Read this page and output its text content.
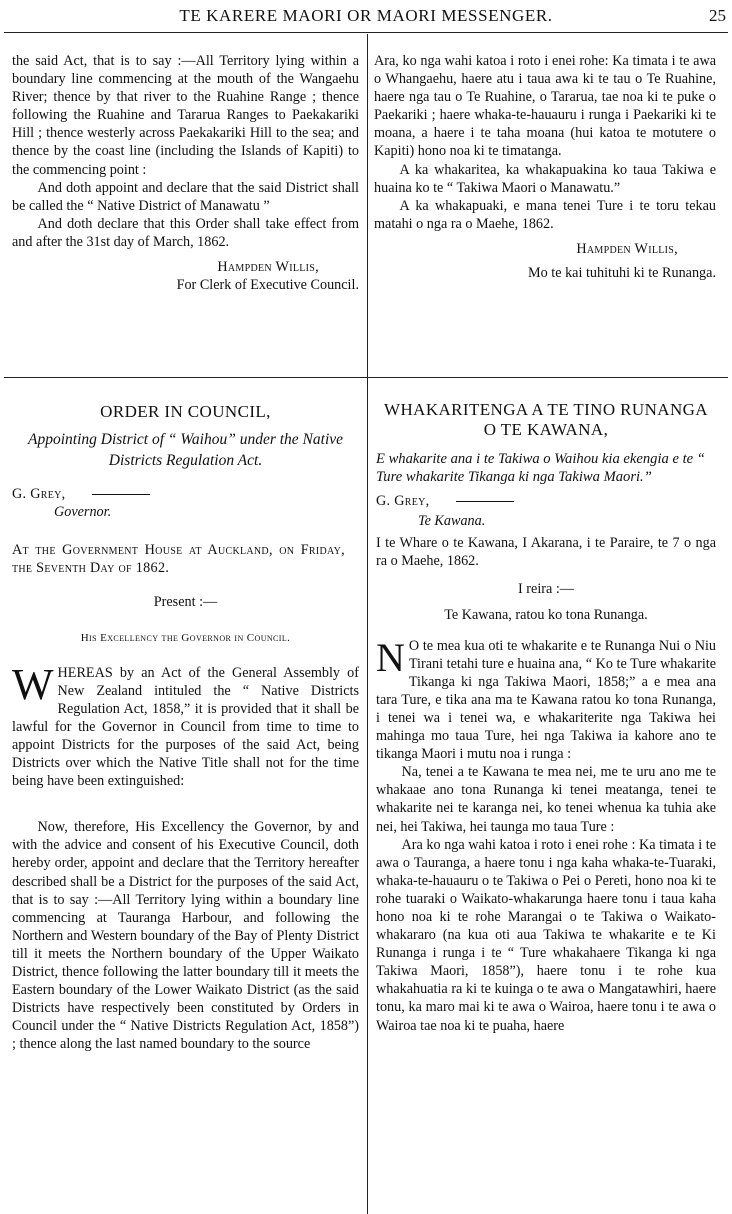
TE KARERE MAORI OR MAORI MESSENGER.	25

the said Act, that is to say :—All Territory lying within a boundary line commencing at the mouth of the Wangaehu River; thence by that river to the Ruahine Range ; thence following the Ruahine and Tararua Ranges to Paekakariki Hill ; thence westerly across Paekakariki Hill to the sea; and thence by the coast line (including the Islands of Kapiti) to the commencing point :

And doth appoint and declare that the said District shall be called the “ Native District of Manawatu ”

And doth declare that this Order shall take effect from and after the 31st day of March, 1862.

Hampden Willis,

For Clerk of Executive Council.

Ara, ko nga wahi katoa i roto i enei rohe: Ka timata i te awa o Whangaehu, haere atu i taua awa ki te tau o Te Ruahine, haere nga tau o Te Ruahine, o Tararua, tae noa ki te puke o Paekariki ; haere whaka-te-hauauru i runga i Paekariki ki te moana, a haere i te taha moana (hui katoa te motutere o Kapiti) hono noa ki te timatanga.

A ka whakaritea, ka whakapuakina ko taua Takiwa e huaina ko te “ Takiwa Maori o Manawatu.”

A ka whakapuaki, e mana tenei Ture i te toru tekau matahi o nga ra o Maehe, 1862.

Hampden Willis,

Mo te kai tuhituhi ki te Runanga.

ORDER IN COUNCIL,

Appointing District of “ Waihou” under the Native Districts Regulation Act.

G. Grey,

Governor.

At the Government House at Auckland, on Friday, the Seventh Day of 1862.

Present :—

His Excellency the Governor in Council.

WHEREAS by an Act of the General Assembly of New Zealand intituled the “ Native Districts Regulation Act, 1858,” it is provided that it shall be lawful for the Governor in Council from time to time to appoint Districts for the purposes of the said Act, being Districts over which the Native Title shall not for the time being have been extinguished:

Now, therefore, His Excellency the Governor, by and with the advice and consent of his Executive Council, doth hereby order, appoint and declare that the Territory hereafter described shall be a District for the purposes of the said Act, that is to say :—All Territory lying within a boundary line commencing at Tauranga Harbour, and following the Northern and Western boundary of the Bay of Plenty District till it meets the Northern boundary of the Upper Waikato District, thence following the latter boundary till it meets the Eastern boundary of the Lower Waikato District (as the said Districts have respectively been constituted by Orders in Council under the “ Native Districts Regulation Act, 1858”) ; thence along the last named boundary to the source

WHAKARITENGA A TE TINO RUNANGA O TE KAWANA,

E whakarite ana i te Takiwa o Waihou kia ekengia e te “ Ture whakarite Tikanga ki nga Takiwa Maori.”

G. Grey,

Te Kawana.

I te Whare o te Kawana, I Akarana, i te Paraire, te 7 o nga ra o Maehe, 1862.

I reira :—

Te Kawana, ratou ko tona Runanga.

N O te mea kua oti te whakarite e te Runanga Nui o Niu Tirani tetahi ture e huaina ana, “ Ko te Ture whakarite Tikanga ki nga Takiwa Maori, 1858;” a e mea ana tara Ture, e tika ana ma te Kawana ratou ko tona Runanga, i tenei wa i tenei wa, e whakariterite nga Takiwa hei mahinga mo taua Ture, hei nga Takiwa ia kahore ano te tikanga Maori i mutu noa i runga :

Na, tenei a te Kawana te mea nei, me te uru ano me te whakaae ano tona Runanga ki tenei meatanga, tenei te whakarite nei te karanga nei, ko tenei whenua ka tuhia ake nei, hei Takiwa, hei taunga mo taua Ture :

Ara ko nga wahi katoa i roto i enei rohe : Ka timata i te awa o Tauranga, a haere tonu i nga kaha whaka-te-Tuaraki, whaka-te-hauauru o te Takiwa o Pei o Pereti, hono noa ki te rohe tuaraki o Waikato-whakarunga haere tonu i taua kaha hono noa ki te rohe Marangai o te Takiwa o Waikato-whakararo (na kua oti aua Takiwa te whakarite e te Ki Runanga i runga i te “ Ture whakahaere Tikanga ki nga Takiwa Maori, 1858”), haere tonu i te rohe kua whakahuatia ra ki te kuinga o te awa o Mangatawhiri, haere tonu, ka maro mai ki te awa o Wairoa, haere tonu i te awa o Wairoa tae noa ki te puaha, haere
